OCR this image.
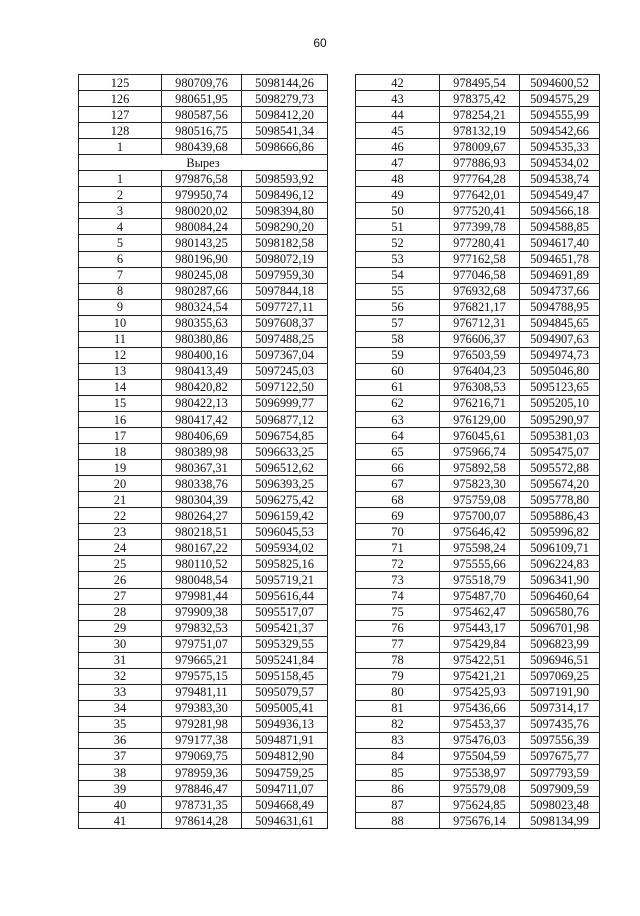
60
125	980709,76	5098144,26
126	980651,95	5098279,73
127	980587,56	5098412,20
128	980516,75	5098541,34
1	980439,68	5098666,86
Вырез		
1	979876,58	5098593,92
2	979950,74	5098496,12
3	980020,02	5098394,80
4	980084,24	5098290,20
5	980143,25	5098182,58
6	980196,90	5098072,19
7	980245,08	5097959,30
8	980287,66	5097844,18
9	980324,54	5097727,11
10	980355,63	5097608,37
11	980380,86	5097488,25
12	980400,16	5097367,04
13	980413,49	5097245,03
14	980420,82	5097122,50
15	980422,13	5096999,77
16	980417,42	5096877,12
17	980406,69	5096754,85
18	980389,98	5096633,25
19	980367,31	5096512,62
20	980338,76	5096393,25
21	980304,39	5096275,42
22	980264,27	5096159,42
23	980218,51	5096045,53
24	980167,22	5095934,02
25	980110,52	5095825,16
26	980048,54	5095719,21
27	979981,44	5095616,44
28	979909,38	5095517,07
29	979832,53	5095421,37
30	979751,07	5095329,55
31	979665,21	5095241,84
32	979575,15	5095158,45
33	979481,11	5095079,57
34	979383,30	5095005,41
35	979281,98	5094936,13
36	979177,38	5094871,91
37	979069,75	5094812,90
38	978959,36	5094759,25
39	978846,47	5094711,07
40	978731,35	5094668,49
41	978614,28	5094631,61
42	978495,54	5094600,52
43	978375,42	5094575,29
44	978254,21	5094555,99
45	978132,19	5094542,66
46	978009,67	5094535,33
47	977886,93	5094534,02
48	977764,28	5094538,74
49	977642,01	5094549,47
50	977520,41	5094566,18
51	977399,78	5094588,85
52	977280,41	5094617,40
53	977162,58	5094651,78
54	977046,58	5094691,89
55	976932,68	5094737,66
56	976821,17	5094788,95
57	976712,31	5094845,65
58	976606,37	5094907,63
59	976503,59	5094974,73
60	976404,23	5095046,80
61	976308,53	5095123,65
62	976216,71	5095205,10
63	976129,00	5095290,97
64	976045,61	5095381,03
65	975966,74	5095475,07
66	975892,58	5095572,88
67	975823,30	5095674,20
68	975759,08	5095778,80
69	975700,07	5095886,43
70	975646,42	5095996,82
71	975598,24	5096109,71
72	975555,66	5096224,83
73	975518,79	5096341,90
74	975487,70	5096460,64
75	975462,47	5096580,76
76	975443,17	5096701,98
77	975429,84	5096823,99
78	975422,51	5096946,51
79	975421,21	5097069,25
80	975425,93	5097191,90
81	975436,66	5097314,17
82	975453,37	5097435,76
83	975476,03	5097556,39
84	975504,59	5097675,77
85	975538,97	5097793,59
86	975579,08	5097909,59
87	975624,85	5098023,48
88	975676,14	5098134,99
